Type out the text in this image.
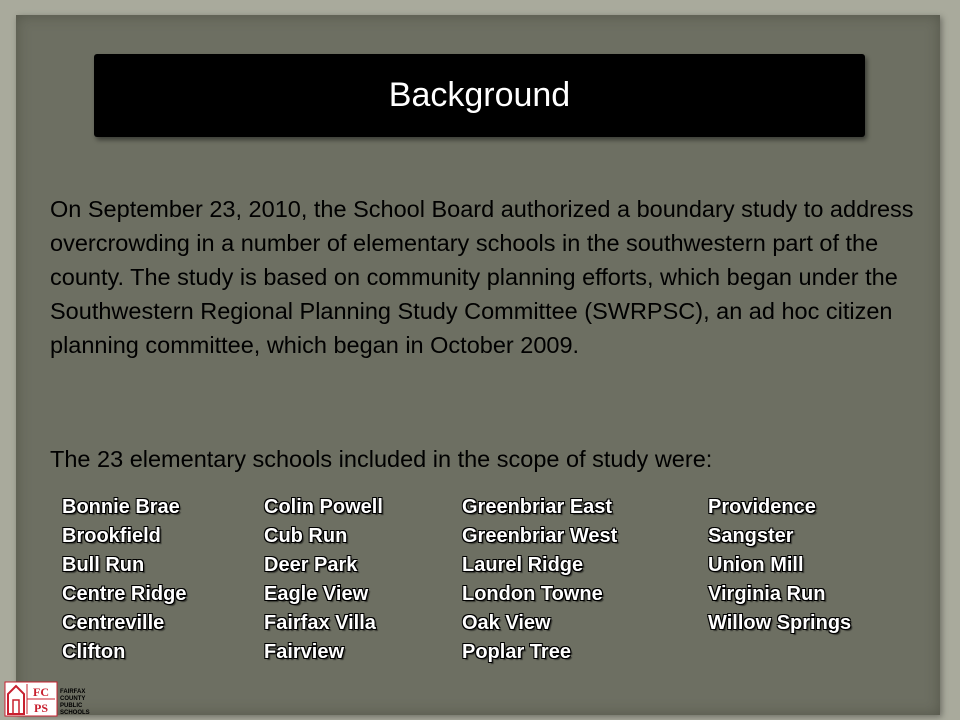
Background

On September 23, 2010, the School Board authorized a boundary study to address overcrowding in a number of elementary schools in the southwestern part of the county. The study is based on community planning efforts, which began under the Southwestern Regional Planning Study Committee (SWRPSC), an ad hoc citizen planning committee, which began in October 2009.

The 23 elementary schools included in the scope of study were:
Bonnie Brae
Brookfield
Bull Run
Centre Ridge
Centreville
Clifton
Colin Powell
Cub Run
Deer Park
Eagle View
Fairfax Villa
Fairview
Greenbriar East
Greenbriar West
Laurel Ridge
London Towne
Oak View
Poplar Tree
Providence
Sangster
Union Mill
Virginia Run
Willow Springs
FC
PS
FAIRFAX
COUNTY
PUBLIC
SCHOOLS
